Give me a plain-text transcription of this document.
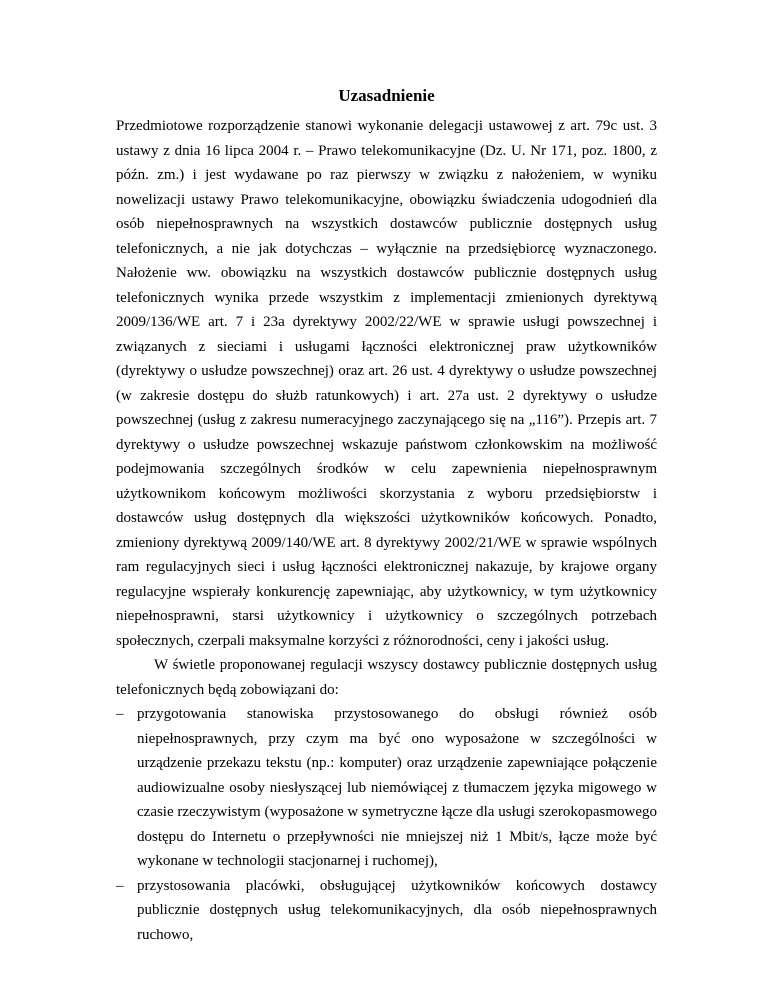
Uzasadnienie

Przedmiotowe rozporządzenie stanowi wykonanie delegacji ustawowej z art. 79c ust. 3 ustawy z dnia 16 lipca 2004 r. – Prawo telekomunikacyjne (Dz. U. Nr 171, poz. 1800, z późn. zm.) i jest wydawane po raz pierwszy w związku z nałożeniem, w wyniku nowelizacji ustawy Prawo telekomunikacyjne, obowiązku świadczenia udogodnień dla osób niepełnosprawnych na wszystkich dostawców publicznie dostępnych usług telefonicznych, a nie jak dotychczas – wyłącznie na przedsiębiorcę wyznaczonego. Nałożenie ww. obowiązku na wszystkich dostawców publicznie dostępnych usług telefonicznych wynika przede wszystkim z implementacji zmienionych dyrektywą 2009/136/WE art. 7 i 23a dyrektywy 2002/22/WE w sprawie usługi powszechnej i związanych z sieciami i usługami łączności elektronicznej praw użytkowników (dyrektywy o usłudze powszechnej) oraz art. 26 ust. 4 dyrektywy o usłudze powszechnej (w zakresie dostępu do służb ratunkowych) i art. 27a ust. 2 dyrektywy o usłudze powszechnej (usług z zakresu numeracyjnego zaczynającego się na „116”). Przepis art. 7 dyrektywy o usłudze powszechnej wskazuje państwom członkowskim na możliwość podejmowania szczególnych środków w celu zapewnienia niepełnosprawnym użytkownikom końcowym możliwości skorzystania z wyboru przedsiębiorstw i dostawców usług dostępnych dla większości użytkowników końcowych. Ponadto, zmieniony dyrektywą 2009/140/WE art. 8 dyrektywy 2002/21/WE w sprawie wspólnych ram regulacyjnych sieci i usług łączności elektronicznej nakazuje, by krajowe organy regulacyjne wspierały konkurencję zapewniając, aby użytkownicy, w tym użytkownicy niepełnosprawni, starsi użytkownicy i użytkownicy o szczególnych potrzebach społecznych, czerpali maksymalne korzyści z różnorodności, ceny i jakości usług.

W świetle proponowanej regulacji wszyscy dostawcy publicznie dostępnych usług telefonicznych będą zobowiązani do:

– przygotowania stanowiska przystosowanego do obsługi również osób niepełnosprawnych, przy czym ma być ono wyposażone w szczególności w urządzenie przekazu tekstu (np.: komputer) oraz urządzenie zapewniające połączenie audiowizualne osoby niesłyszącej lub niemówiącej z tłumaczem języka migowego w czasie rzeczywistym (wyposażone w symetryczne łącze dla usługi szerokopasmowego dostępu do Internetu o przepływności nie mniejszej niż 1 Mbit/s, łącze może być wykonane w technologii stacjonarnej i ruchomej),
– przystosowania placówki, obsługującej użytkowników końcowych dostawcy publicznie dostępnych usług telekomunikacyjnych, dla osób niepełnosprawnych ruchowo,
